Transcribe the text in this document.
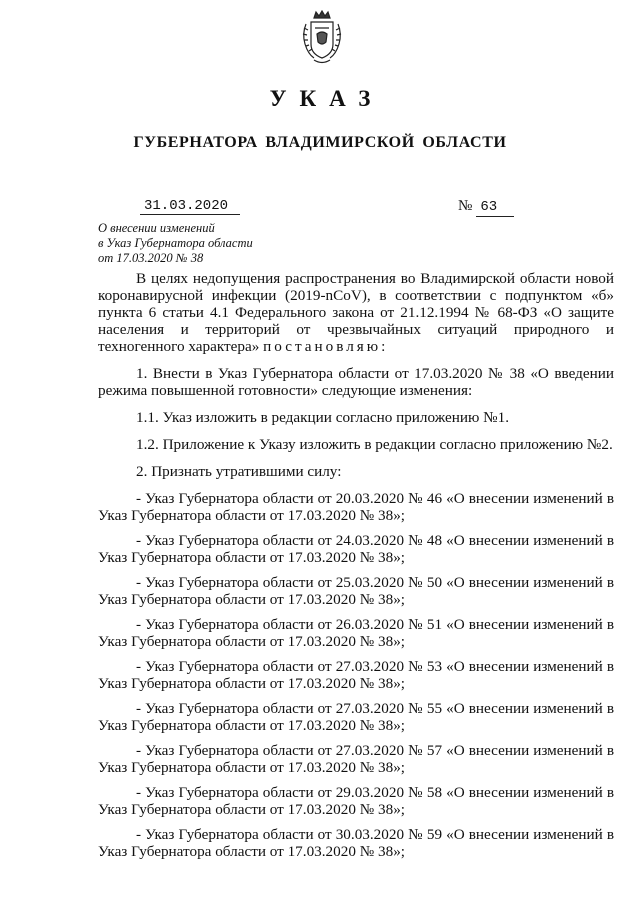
УКАЗ
ГУБЕРНАТОРА ВЛАДИМИРСКОЙ ОБЛАСТИ
31.03.2020	№ 63
О внесении изменений
в Указ Губернатора области
от 17.03.2020 № 38

В целях недопущения распространения во Владимирской области новой коронавирусной инфекции (2019-nCoV), в соответствии с подпунктом «б» пункта 6 статьи 4.1 Федерального закона от 21.12.1994 № 68-ФЗ «О защите населения и территорий от чрезвычайных ситуаций природного и техногенного характера» постановляю:

1. Внести в Указ Губернатора области от 17.03.2020 № 38 «О введении режима повышенной готовности» следующие изменения:

1.1. Указ изложить в редакции согласно приложению №1.

1.2. Приложение к Указу изложить в редакции согласно приложению №2.

2. Признать утратившими силу:

- Указ Губернатора области от 20.03.2020 № 46 «О внесении изменений в Указ Губернатора области от 17.03.2020 № 38»;

- Указ Губернатора области от 24.03.2020 № 48 «О внесении изменений в Указ Губернатора области от 17.03.2020 № 38»;

- Указ Губернатора области от 25.03.2020 № 50 «О внесении изменений в Указ Губернатора области от 17.03.2020 № 38»;

- Указ Губернатора области от 26.03.2020 № 51 «О внесении изменений в Указ Губернатора области от 17.03.2020 № 38»;

- Указ Губернатора области от 27.03.2020 № 53 «О внесении изменений в Указ Губернатора области от 17.03.2020 № 38»;

- Указ Губернатора области от 27.03.2020 № 55 «О внесении изменений в Указ Губернатора области от 17.03.2020 № 38»;

- Указ Губернатора области от 27.03.2020 № 57 «О внесении изменений в Указ Губернатора области от 17.03.2020 № 38»;

- Указ Губернатора области от 29.03.2020 № 58 «О внесении изменений в Указ Губернатора области от 17.03.2020 № 38»;

- Указ Губернатора области от 30.03.2020 № 59 «О внесении изменений в Указ Губернатора области от 17.03.2020 № 38»;
